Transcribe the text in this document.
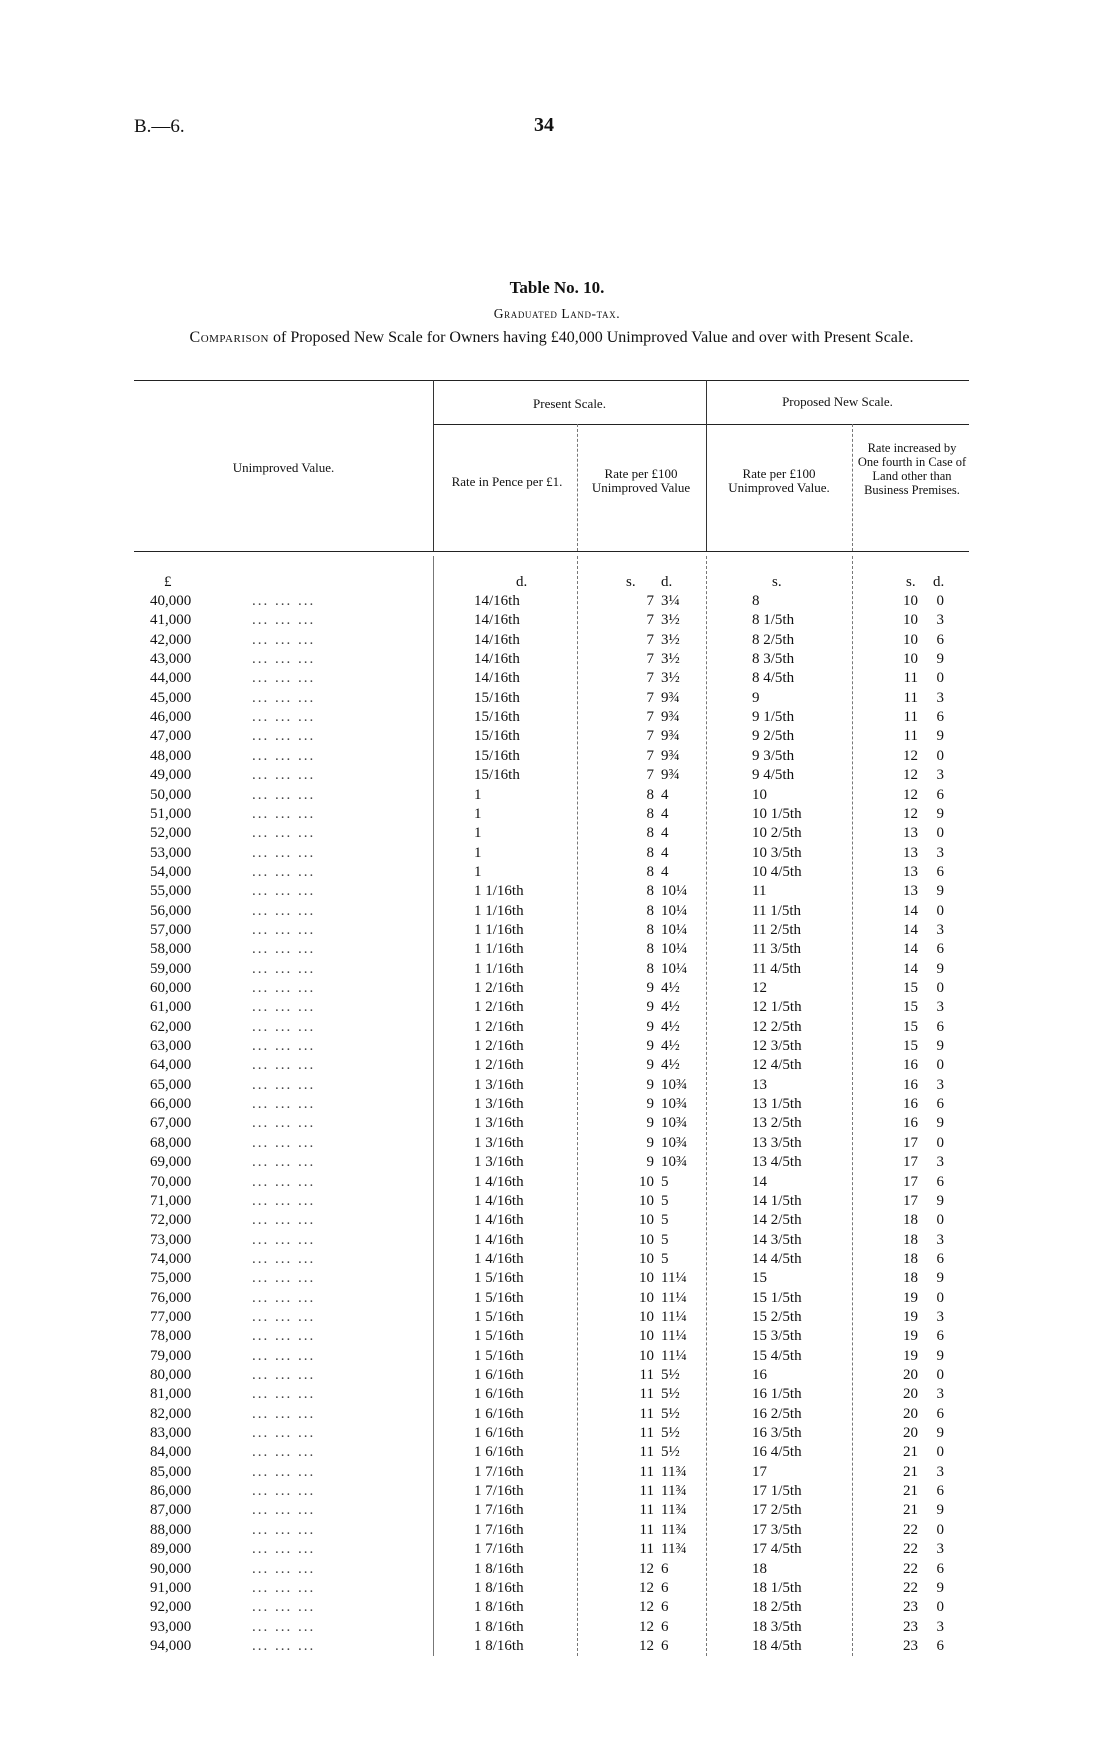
B.—6.	34
Table No. 10.
Graduated Land-tax.
Comparison of Proposed New Scale for Owners having £40,000 Unimproved Value and over with Present Scale.
Unimproved Value.
Present Scale.	Proposed New Scale.
Rate in Pence per £1.
Rate per £100 Unimproved Value
Rate per £100 Unimproved Value.
Rate increased by One fourth in Case of Land other than Business Premises.
£	d.	s. d.	s.	s. d.
40,000	... ... ...	14/16th	7 3¼	8	10	0
41,000	... ... ...	14/16th	7 3½	8 1/5th	10	3
42,000	... ... ...	14/16th	7 3½	8 2/5th	10	6
43,000	... ... ...	14/16th	7 3½	8 3/5th	10	9
44,000	... ... ...	14/16th	7 3½	8 4/5th	11	0
45,000	... ... ...	15/16th	7 9¾	9	11	3
46,000	... ... ...	15/16th	7 9¾	9 1/5th	11	6
47,000	... ... ...	15/16th	7 9¾	9 2/5th	11	9
48,000	... ... ...	15/16th	7 9¾	9 3/5th	12	0
49,000	... ... ...	15/16th	7 9¾	9 4/5th	12	3
50,000	... ... ...	1	8 4	10	12	6
51,000	... ... ...	1	8 4	10 1/5th	12	9
52,000	... ... ...	1	8 4	10 2/5th	13	0
53,000	... ... ...	1	8 4	10 3/5th	13	3
54,000	... ... ...	1	8 4	10 4/5th	13	6
55,000	... ... ...	1 1/16th	8 10¼	11	13	9
56,000	... ... ...	1 1/16th	8 10¼	11 1/5th	14	0
57,000	... ... ...	1 1/16th	8 10¼	11 2/5th	14	3
58,000	... ... ...	1 1/16th	8 10¼	11 3/5th	14	6
59,000	... ... ...	1 1/16th	8 10¼	11 4/5th	14	9
60,000	... ... ...	1 2/16th	9 4½	12	15	0
61,000	... ... ...	1 2/16th	9 4½	12 1/5th	15	3
62,000	... ... ...	1 2/16th	9 4½	12 2/5th	15	6
63,000	... ... ...	1 2/16th	9 4½	12 3/5th	15	9
64,000	... ... ...	1 2/16th	9 4½	12 4/5th	16	0
65,000	... ... ...	1 3/16th	9 10¾	13	16	3
66,000	... ... ...	1 3/16th	9 10¾	13 1/5th	16	6
67,000	... ... ...	1 3/16th	9 10¾	13 2/5th	16	9
68,000	... ... ...	1 3/16th	9 10¾	13 3/5th	17	0
69,000	... ... ...	1 3/16th	9 10¾	13 4/5th	17	3
70,000	... ... ...	1 4/16th	10 5	14	17	6
71,000	... ... ...	1 4/16th	10 5	14 1/5th	17	9
72,000	... ... ...	1 4/16th	10 5	14 2/5th	18	0
73,000	... ... ...	1 4/16th	10 5	14 3/5th	18	3
74,000	... ... ...	1 4/16th	10 5	14 4/5th	18	6
75,000	... ... ...	1 5/16th	10 11¼	15	18	9
76,000	... ... ...	1 5/16th	10 11¼	15 1/5th	19	0
77,000	... ... ...	1 5/16th	10 11¼	15 2/5th	19	3
78,000	... ... ...	1 5/16th	10 11¼	15 3/5th	19	6
79,000	... ... ...	1 5/16th	10 11¼	15 4/5th	19	9
80,000	... ... ...	1 6/16th	11 5½	16	20	0
81,000	... ... ...	1 6/16th	11 5½	16 1/5th	20	3
82,000	... ... ...	1 6/16th	11 5½	16 2/5th	20	6
83,000	... ... ...	1 6/16th	11 5½	16 3/5th	20	9
84,000	... ... ...	1 6/16th	11 5½	16 4/5th	21	0
85,000	... ... ...	1 7/16th	11 11¾	17	21	3
86,000	... ... ...	1 7/16th	11 11¾	17 1/5th	21	6
87,000	... ... ...	1 7/16th	11 11¾	17 2/5th	21	9
88,000	... ... ...	1 7/16th	11 11¾	17 3/5th	22	0
89,000	... ... ...	1 7/16th	11 11¾	17 4/5th	22	3
90,000	... ... ...	1 8/16th	12 6	18	22	6
91,000	... ... ...	1 8/16th	12 6	18 1/5th	22	9
92,000	... ... ...	1 8/16th	12 6	18 2/5th	23	0
93,000	... ... ...	1 8/16th	12 6	18 3/5th	23	3
94,000	... ... ...	1 8/16th	12 6	18 4/5th	23	6
